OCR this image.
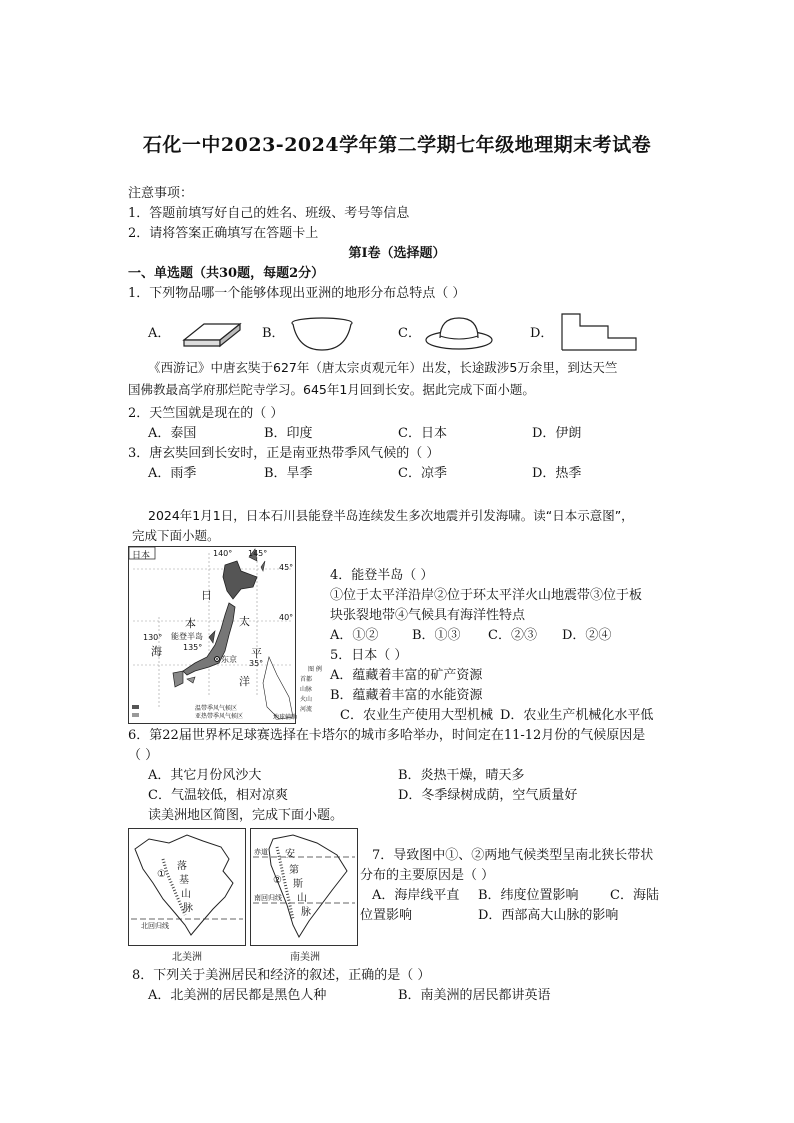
石化一中2023-2024学年第二学期七年级地理期末考试卷
注意事项：
1．答题前填写好自己的姓名、班级、考号等信息
2．请将答案正确填写在答题卡上
第I卷（选择题）
一、单选题（共30题，每题2分）
1．下列物品哪一个能够体现出亚洲的地形分布总特点（ ）
A．	B．	C．	D．
《西游记》中唐玄奘于627年（唐太宗贞观元年）出发，长途跋涉5万余里，到达天竺
国佛教最高学府那烂陀寺学习。645年1月回到长安。据此完成下面小题。
2．天竺国就是现在的（ ）
A．泰国	B．印度	C．日本	D．伊朗
3．唐玄奘回到长安时，正是南亚热带季风气候的（ ）
A．雨季	B．旱季	C．凉季	D．热季
2024年1月1日，日本石川县能登半岛连续发生多次地震并引发海啸。读“日本示意图”，
完成下面小题。
日本	140° 145°
45°
40°
130°
135°
35°
日
太
本
平
海
洋
能登半岛
东京
温带季风气候区
亚热带季风气候区	地球辅助
图 例
首都
山脉
火山
河流
4．能登半岛（ ）
①位于太平洋沿岸②位于环太平洋火山地震带③位于板
块张裂地带④气候具有海洋性特点
A．①②	B．①③ C．②③ D．②④
5．日本（ ）
A．蕴藏着丰富的矿产资源
B．蕴藏着丰富的水能资源
C．农业生产使用大型机械 D．农业生产机械化水平低
6．第22届世界杯足球赛选择在卡塔尔的城市多哈举办，时间定在11-12月份的气候原因是
（ ）
A．其它月份风沙大	B．炎热干燥，晴天多
C．气温较低，相对凉爽	D．冬季绿树成荫，空气质量好
读美洲地区简图，完成下面小题。
落
基
山
脉
北回归线
①
北美洲
赤道 安
第
斯
山
脉
南回归线
②
南美洲
7．导致图中①、②两地气候类型呈南北狭长带状
分布的主要原因是（ ）
A．海岸线平直 B．纬度位置影响 C．海陆
位置影响	D．西部高大山脉的影响
8．下列关于美洲居民和经济的叙述，正确的是（ ）
A．北美洲的居民都是黑色人种	B．南美洲的居民都讲英语
